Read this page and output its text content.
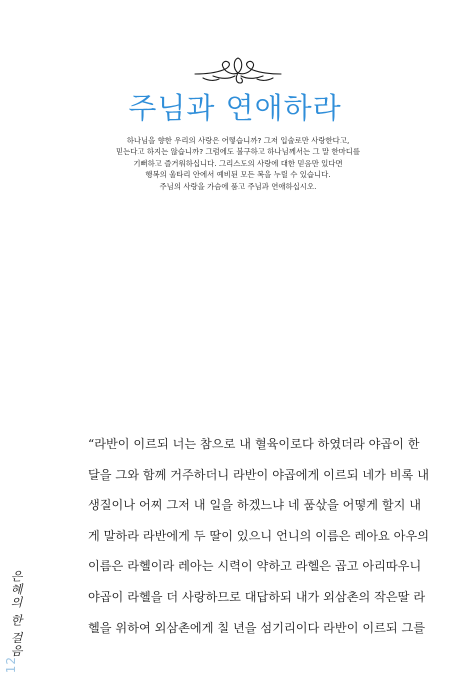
주님과 연애하라
하나님을 향한 우리의 사랑은 어떻습니까? 그저 입술로만 사랑한다고,
믿는다고 하지는 않습니까? 그럼에도 불구하고 하나님께서는 그 말 한마디를
기뻐하고 즐거워하십니다. 그리스도의 사랑에 대한 믿음만 있다면
행복의 울타리 안에서 예비된 모든 복을 누릴 수 있습니다.
주님의 사랑을 가슴에 품고 주님과 연애하십시오.
“라반이 이르되 너는 참으로 내 혈육이로다 하였더라 야곱이 한
달을 그와 함께 거주하더니 라반이 야곱에게 이르되 네가 비록 내
생질이나 어찌 그저 내 일을 하겠느냐 네 품삯을 어떻게 할지 내
게 말하라 라반에게 두 딸이 있으니 언니의 이름은 레아요 아우의
이름은 라헬이라 레아는 시력이 약하고 라헬은 곱고 아리따우니
야곱이 라헬을 더 사랑하므로 대답하되 내가 외삼촌의 작은딸 라
헬을 위하여 외삼촌에게 칠 년을 섬기리이다 라반이 이르되 그를
은혜의 한 걸음
12
